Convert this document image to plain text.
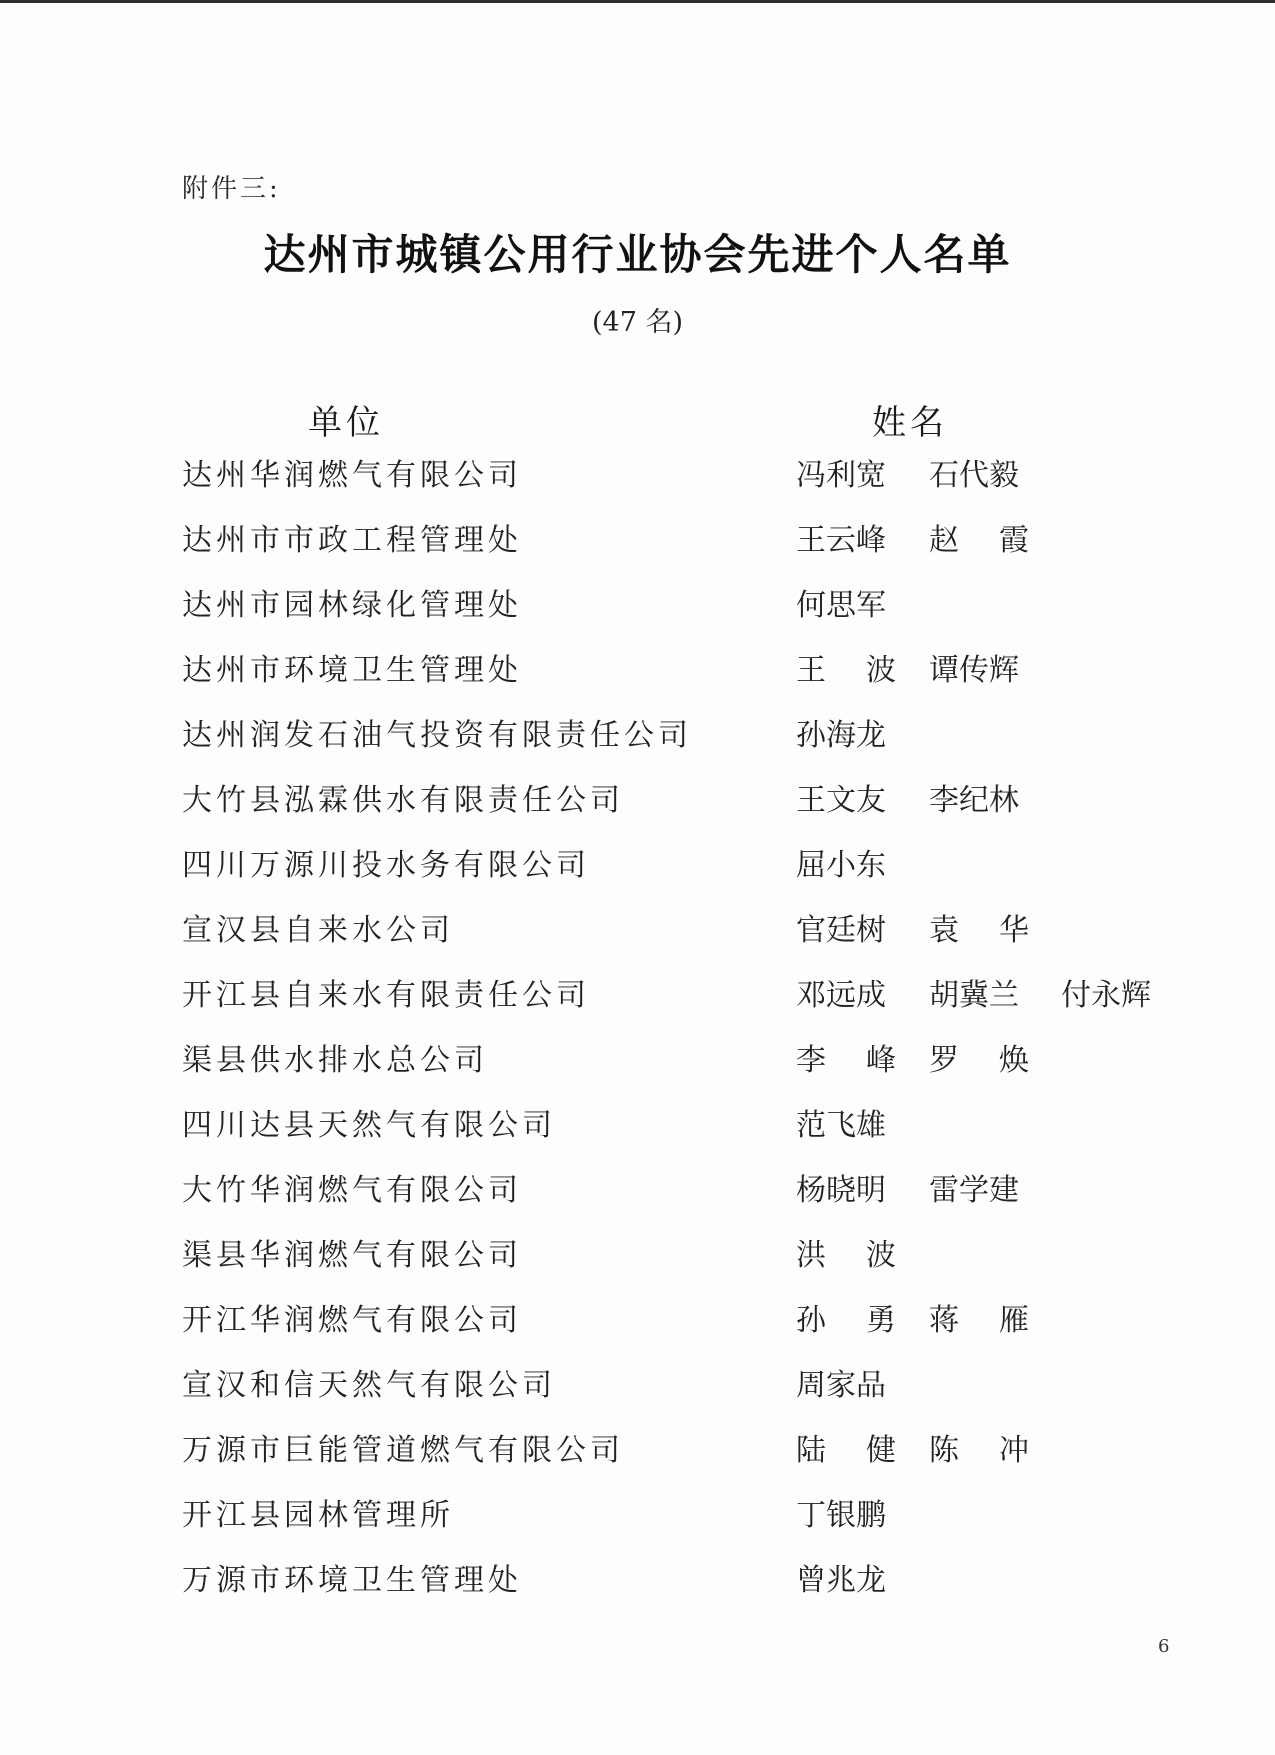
附件三:
达州市城镇公用行业协会先进个人名单
(47 名)
单位	姓名
达州华润燃气有限公司	冯 利 宽 石 代 毅
达州市市政工程管理处	王 云 峰 赵 霞
达州市园林绿化管理处	何 思 军
达州市环境卫生管理处	王 波 谭 传 辉
达州润发石油气投资有限责任公司	孙 海 龙
大竹县泓霖供水有限责任公司	王 文 友 李 纪 林
四川万源川投水务有限公司	屈 小 东
宣汉县自来水公司	官 廷 树 袁 华
开江县自来水有限责任公司	邓 远 成 胡 冀 兰 付 永 辉
渠县供水排水总公司	李 峰 罗 焕
四川达县天然气有限公司	范 飞 雄
大竹华润燃气有限公司	杨 晓 明 雷 学 建
渠县华润燃气有限公司	洪 波
开江华润燃气有限公司	孙 勇 蒋 雁
宣汉和信天然气有限公司	周 家 品
万源市巨能管道燃气有限公司	陆 健 陈 冲
开江县园林管理所	丁 银 鹏
万源市环境卫生管理处	曾 兆 龙
6
